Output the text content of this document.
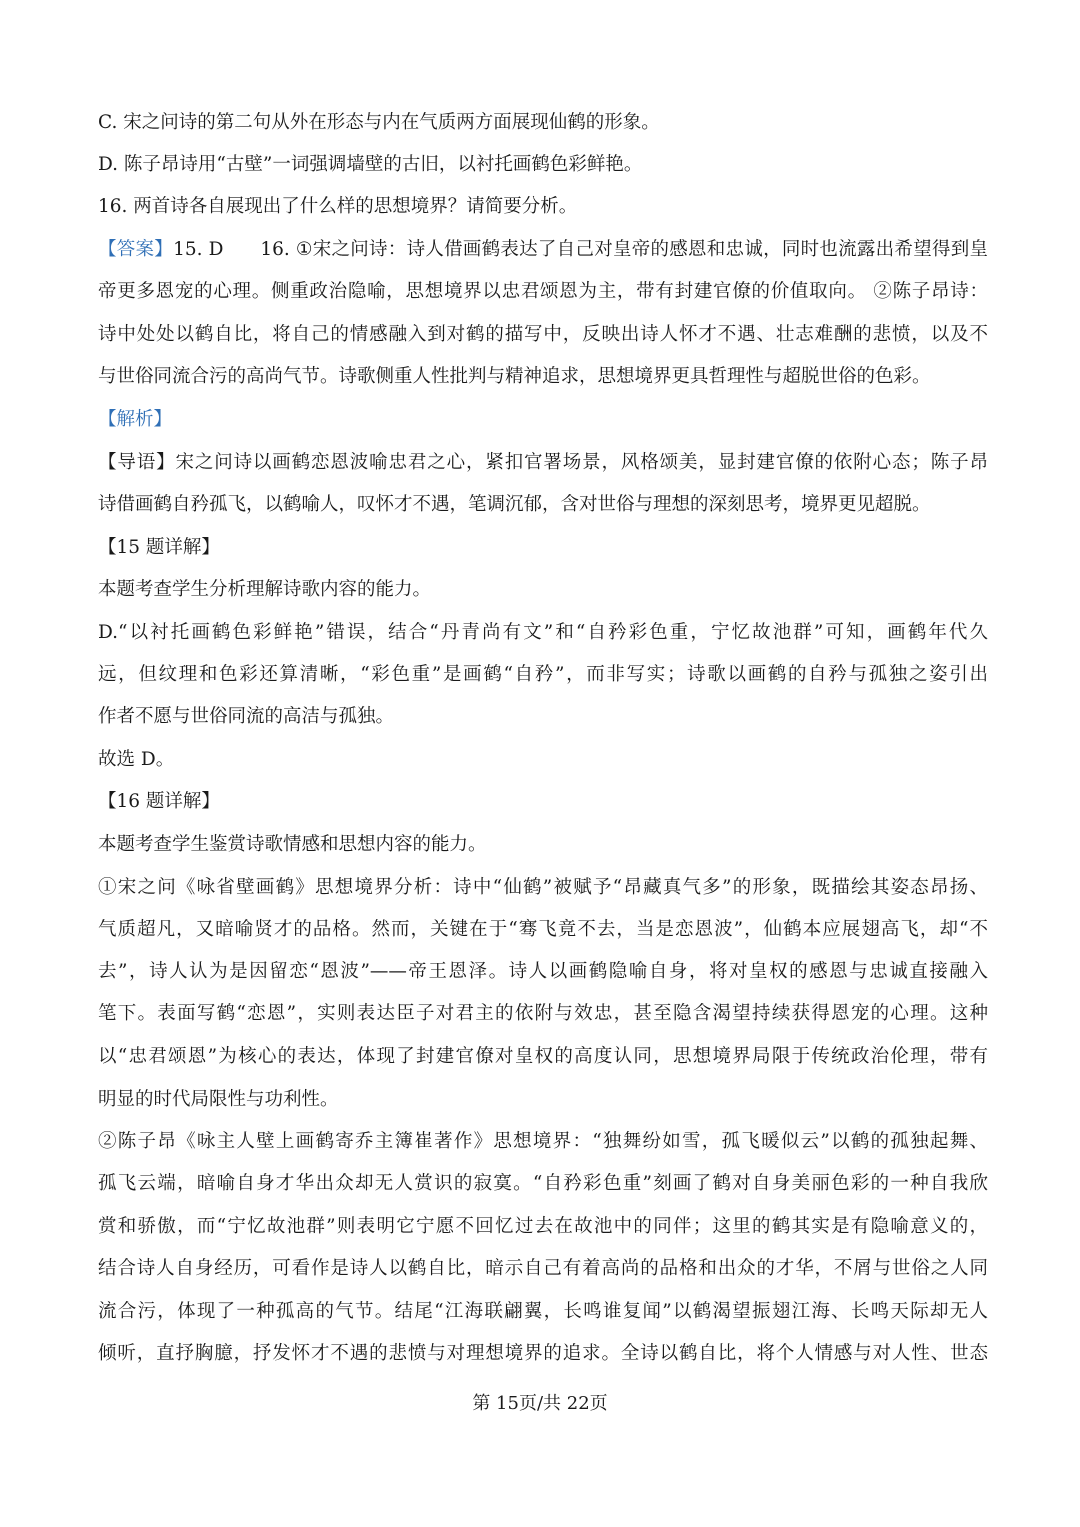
C. 宋之问诗的第二句从外在形态与内在气质两方面展现仙鹤的形象。
D. 陈子昂诗用“古壁”一词强调墙壁的古旧，以衬托画鹤色彩鲜艳。
16. 两首诗各自展现出了什么样的思想境界？请简要分析。
【答案】15. D      16. ①宋之问诗：诗人借画鹤表达了自己对皇帝的感恩和忠诚，同时也流露出希望得到皇
帝更多恩宠的心理。侧重政治隐喻，思想境界以忠君颂恩为主，带有封建官僚的价值取向。 ②陈子昂诗：
诗中处处以鹤自比，将自己的情感融入到对鹤的描写中，反映出诗人怀才不遇、壮志难酬的悲愤，以及不
与世俗同流合污的高尚气节。诗歌侧重人性批判与精神追求，思想境界更具哲理性与超脱世俗的色彩。
【解析】
【导语】宋之问诗以画鹤恋恩波喻忠君之心，紧扣官署场景，风格颂美，显封建官僚的依附心态；陈子昂
诗借画鹤自矜孤飞，以鹤喻人，叹怀才不遇，笔调沉郁，含对世俗与理想的深刻思考，境界更见超脱。
【15 题详解】
本题考查学生分析理解诗歌内容的能力。
D.“以衬托画鹤色彩鲜艳”错误，结合“丹青尚有文”和“自矜彩色重，宁忆故池群”可知，画鹤年代久
远，但纹理和色彩还算清晰，“彩色重”是画鹤“自矜”，而非写实；诗歌以画鹤的自矜与孤独之姿引出
作者不愿与世俗同流的高洁与孤独。
故选 D。
【16 题详解】
本题考查学生鉴赏诗歌情感和思想内容的能力。
①宋之问《咏省壁画鹤》思想境界分析：诗中“仙鹤”被赋予“昂藏真气多”的形象，既描绘其姿态昂扬、
气质超凡，又暗喻贤才的品格。然而，关键在于“骞飞竟不去，当是恋恩波”，仙鹤本应展翅高飞，却“不
去”，诗人认为是因留恋“恩波”——帝王恩泽。诗人以画鹤隐喻自身，将对皇权的感恩与忠诚直接融入
笔下。表面写鹤“恋恩”，实则表达臣子对君主的依附与效忠，甚至隐含渴望持续获得恩宠的心理。这种
以“忠君颂恩”为核心的表达，体现了封建官僚对皇权的高度认同，思想境界局限于传统政治伦理，带有
明显的时代局限性与功利性。
②陈子昂《咏主人壁上画鹤寄乔主簿崔著作》思想境界：“独舞纷如雪，孤飞暖似云”以鹤的孤独起舞、
孤飞云端，暗喻自身才华出众却无人赏识的寂寞。“自矜彩色重”刻画了鹤对自身美丽色彩的一种自我欣
赏和骄傲，而“宁忆故池群”则表明它宁愿不回忆过去在故池中的同伴；这里的鹤其实是有隐喻意义的，
结合诗人自身经历，可看作是诗人以鹤自比，暗示自己有着高尚的品格和出众的才华，不屑与世俗之人同
流合污，体现了一种孤高的气节。结尾“江海联翩翼，长鸣谁复闻”以鹤渴望振翅江海、长鸣天际却无人
倾听，直抒胸臆，抒发怀才不遇的悲愤与对理想境界的追求。全诗以鹤自比，将个人情感与对人性、世态
第 15页/共 22页
